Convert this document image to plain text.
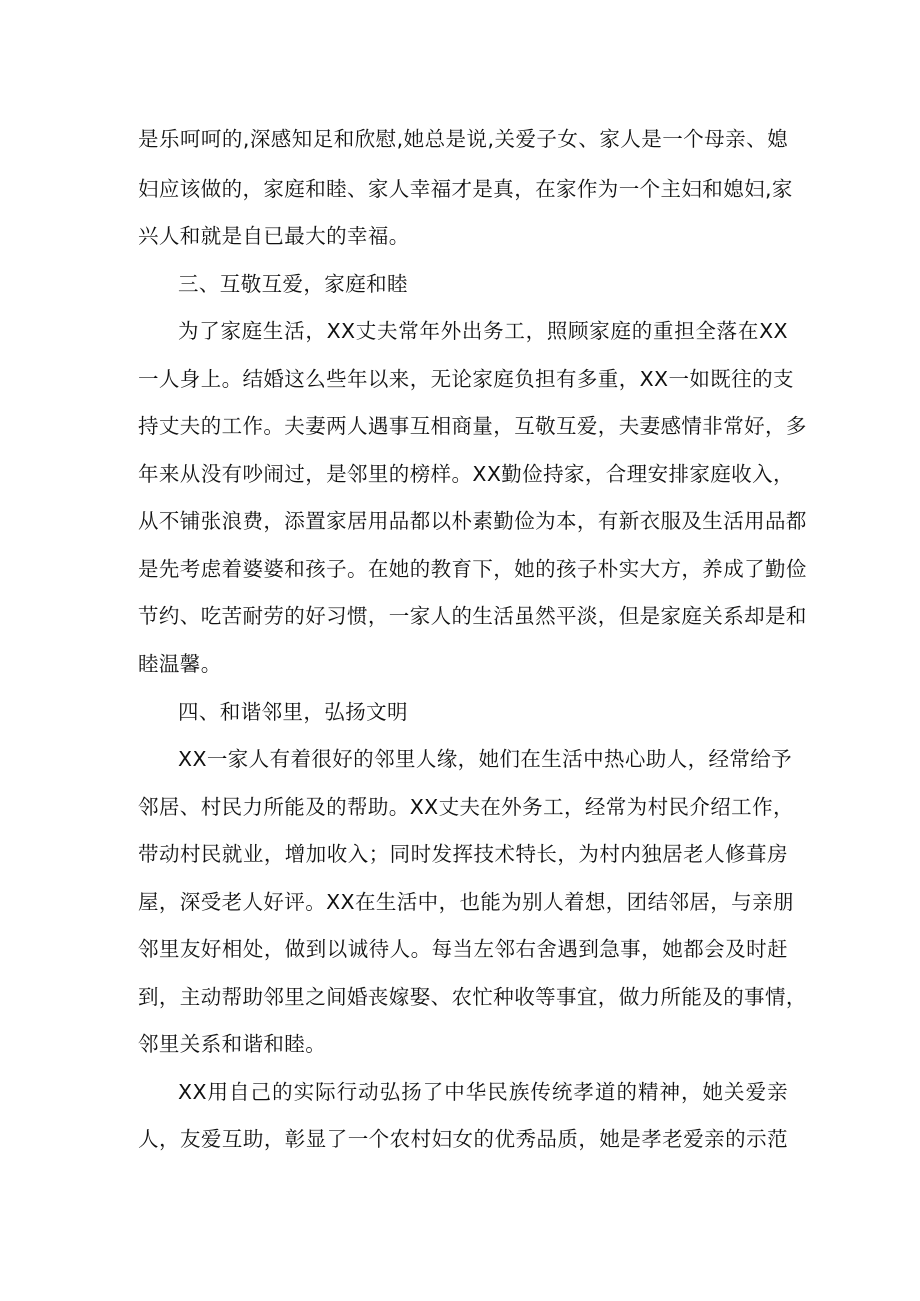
是乐呵呵的,深感知足和欣慰,她总是说,关爱子女、家人是一个母亲、媳

妇应该做的，家庭和睦、家人幸福才是真，在家作为一个主妇和媳妇,家

兴人和就是自已最大的幸福。

三、互敬互爱，家庭和睦

为了家庭生活，XX丈夫常年外出务工，照顾家庭的重担全落在XX

一人身上。结婚这么些年以来，无论家庭负担有多重，XX一如既往的支

持丈夫的工作。夫妻两人遇事互相商量，互敬互爱，夫妻感情非常好，多

年来从没有吵闹过，是邻里的榜样。XX勤俭持家，合理安排家庭收入，

从不铺张浪费，添置家居用品都以朴素勤俭为本，有新衣服及生活用品都

是先考虑着婆婆和孩子。在她的教育下，她的孩子朴实大方，养成了勤俭

节约、吃苦耐劳的好习惯，一家人的生活虽然平淡，但是家庭关系却是和

睦温馨。

四、和谐邻里，弘扬文明

XX一家人有着很好的邻里人缘，她们在生活中热心助人，经常给予

邻居、村民力所能及的帮助。XX丈夫在外务工，经常为村民介绍工作，

带动村民就业，增加收入；同时发挥技术特长，为村内独居老人修葺房

屋，深受老人好评。XX在生活中，也能为别人着想，团结邻居，与亲朋

邻里友好相处，做到以诚待人。每当左邻右舍遇到急事，她都会及时赶

到，主动帮助邻里之间婚丧嫁娶、农忙种收等事宜，做力所能及的事情，

邻里关系和谐和睦。

XX用自己的实际行动弘扬了中华民族传统孝道的精神，她关爱亲

人，友爱互助，彰显了一个农村妇女的优秀品质，她是孝老爱亲的示范
